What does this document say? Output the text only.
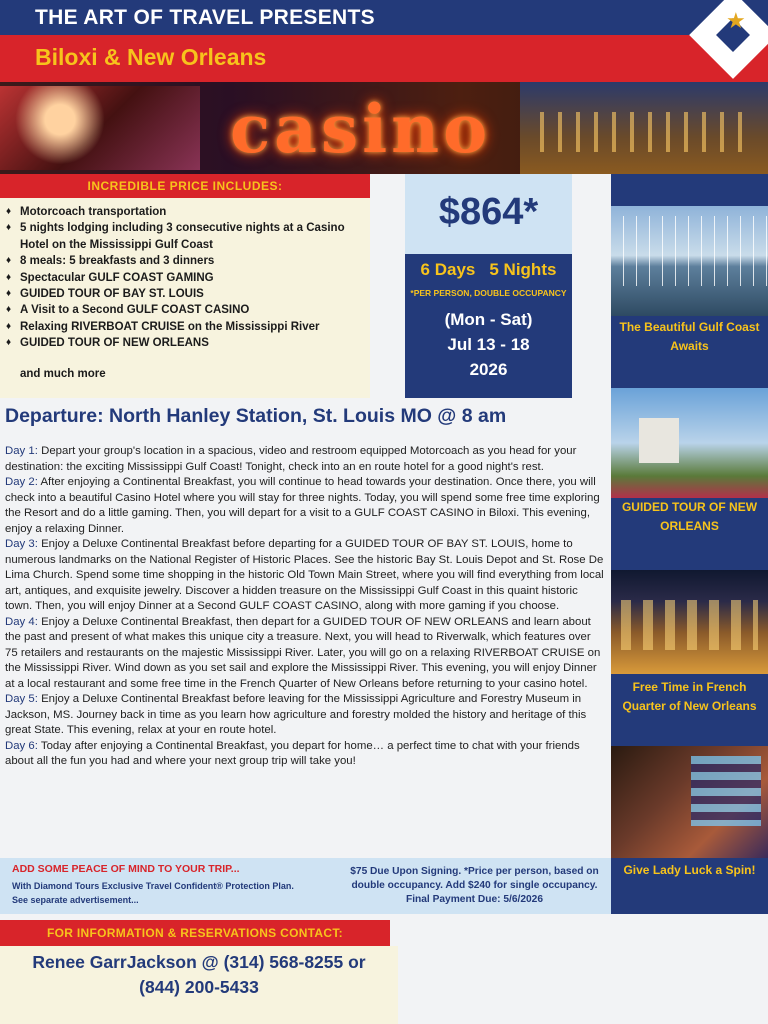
THE ART OF TRAVEL PRESENTS
Biloxi & New Orleans
★
casino
INCREDIBLE PRICE INCLUDES:
♦ Motorcoach transportation
♦ 5 nights lodging including 3 consecutive nights at a Casino Hotel on the Mississippi Gulf Coast
♦ 8 meals: 5 breakfasts and 3 dinners
♦ Spectacular GULF COAST GAMING
♦ GUIDED TOUR OF BAY ST. LOUIS
♦ A Visit to a Second GULF COAST CASINO
♦ Relaxing RIVERBOAT CRUISE on the Mississippi River
♦ GUIDED TOUR OF NEW ORLEANS
and much more
$864*
6 Days 5 Nights
*PER PERSON, DOUBLE OCCUPANCY
(Mon - Sat)
Jul 13 - 18
2026
The Beautiful Gulf Coast Awaits
GUIDED TOUR OF NEW ORLEANS
Free Time in French Quarter of New Orleans
Give Lady Luck a Spin!
Departure: North Hanley Station, St. Louis MO @ 8 am

Day 1: Depart your group's location in a spacious, video and restroom equipped Motorcoach as you head for your destination: the exciting Mississippi Gulf Coast! Tonight, check into an en route hotel for a good night's rest.

Day 2: After enjoying a Continental Breakfast, you will continue to head towards your destination. Once there, you will check into a beautiful Casino Hotel where you will stay for three nights. Today, you will spend some free time exploring the Resort and do a little gaming. Then, you will depart for a visit to a GULF COAST CASINO in Biloxi. This evening, enjoy a relaxing Dinner.

Day 3: Enjoy a Deluxe Continental Breakfast before departing for a GUIDED TOUR OF BAY ST. LOUIS, home to numerous landmarks on the National Register of Historic Places. See the historic Bay St. Louis Depot and St. Rose De Lima Church. Spend some time shopping in the historic Old Town Main Street, where you will find everything from local art, antiques, and exquisite jewelry. Discover a hidden treasure on the Mississippi Gulf Coast in this quaint historic town. Then, you will enjoy Dinner at a Second GULF COAST CASINO, along with more gaming if you choose.

Day 4: Enjoy a Deluxe Continental Breakfast, then depart for a GUIDED TOUR OF NEW ORLEANS and learn about the past and present of what makes this unique city a treasure. Next, you will head to Riverwalk, which features over 75 retailers and restaurants on the majestic Mississippi River. Later, you will go on a relaxing RIVERBOAT CRUISE on the Mississippi River. Wind down as you set sail and explore the Mississippi River. This evening, you will enjoy Dinner at a local restaurant and some free time in the French Quarter of New Orleans before returning to your casino hotel.

Day 5: Enjoy a Deluxe Continental Breakfast before leaving for the Mississippi Agriculture and Forestry Museum in Jackson, MS. Journey back in time as you learn how agriculture and forestry molded the history and heritage of this great State. This evening, relax at your en route hotel.

Day 6: Today after enjoying a Continental Breakfast, you depart for home… a perfect time to chat with your friends about all the fun you had and where your next group trip will take you!

ADD SOME PEACE OF MIND TO YOUR TRIP...
With Diamond Tours Exclusive Travel Confident® Protection Plan.
See separate advertisement...
$75 Due Upon Signing. *Price per person, based on
double occupancy. Add $240 for single occupancy.
Final Payment Due: 5/6/2026
FOR INFORMATION & RESERVATIONS CONTACT:
Renee GarrJackson @ (314) 568-8255 or
(844) 200-5433
